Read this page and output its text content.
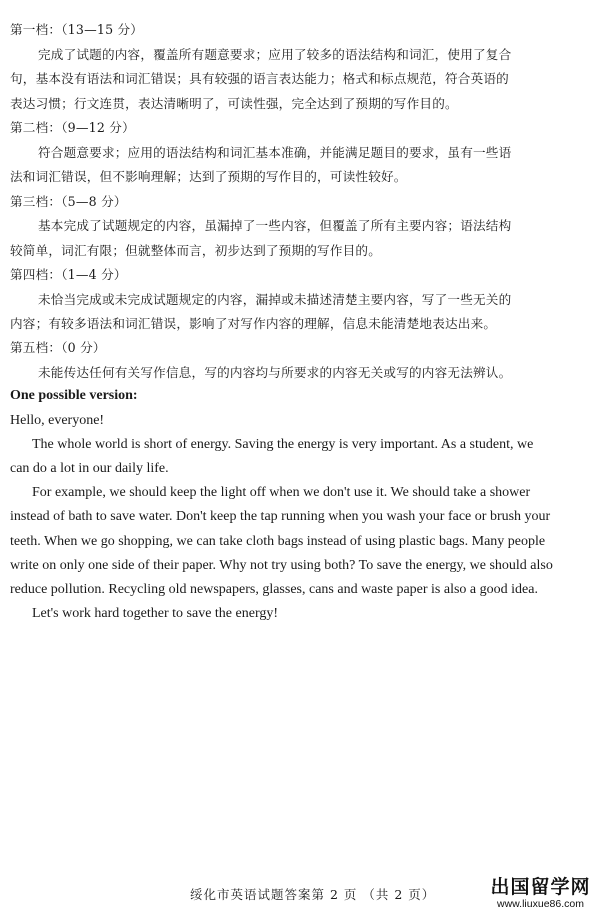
第一档：（13—15 分）
完成了试题的内容，覆盖所有题意要求；应用了较多的语法结构和词汇，使用了复合
句，基本没有语法和词汇错误；具有较强的语言表达能力；格式和标点规范，符合英语的
表达习惯；行文连贯，表达清晰明了，可读性强，完全达到了预期的写作目的。
第二档：（9—12 分）
符合题意要求；应用的语法结构和词汇基本准确，并能满足题目的要求，虽有一些语
法和词汇错误，但不影响理解；达到了预期的写作目的，可读性较好。
第三档：（5—8 分）
基本完成了试题规定的内容，虽漏掉了一些内容，但覆盖了所有主要内容；语法结构
较简单，词汇有限；但就整体而言，初步达到了预期的写作目的。
第四档：（1—4 分）
未恰当完成或未完成试题规定的内容，漏掉或未描述清楚主要内容，写了一些无关的
内容；有较多语法和词汇错误，影响了对写作内容的理解，信息未能清楚地表达出来。
第五档：（0 分）
未能传达任何有关写作信息，写的内容均与所要求的内容无关或写的内容无法辨认。
One possible version:
Hello, everyone!
The whole world is short of energy. Saving the energy is very important. As a student, we
can do a lot in our daily life.
For example, we should keep the light off when we don't use it. We should take a shower
instead of bath to save water. Don't keep the tap running when you wash your face or brush your
teeth. When we go shopping, we can take cloth bags instead of using plastic bags. Many people
write on only one side of their paper. Why not try using both? To save the energy, we should also
reduce pollution. Recycling old newspapers, glasses, cans and waste paper is also a good idea.
Let's work hard together to save the energy!
绥化市英语试题答案第 2 页 （共 2 页）	出国留学网
www.liuxue86.com
